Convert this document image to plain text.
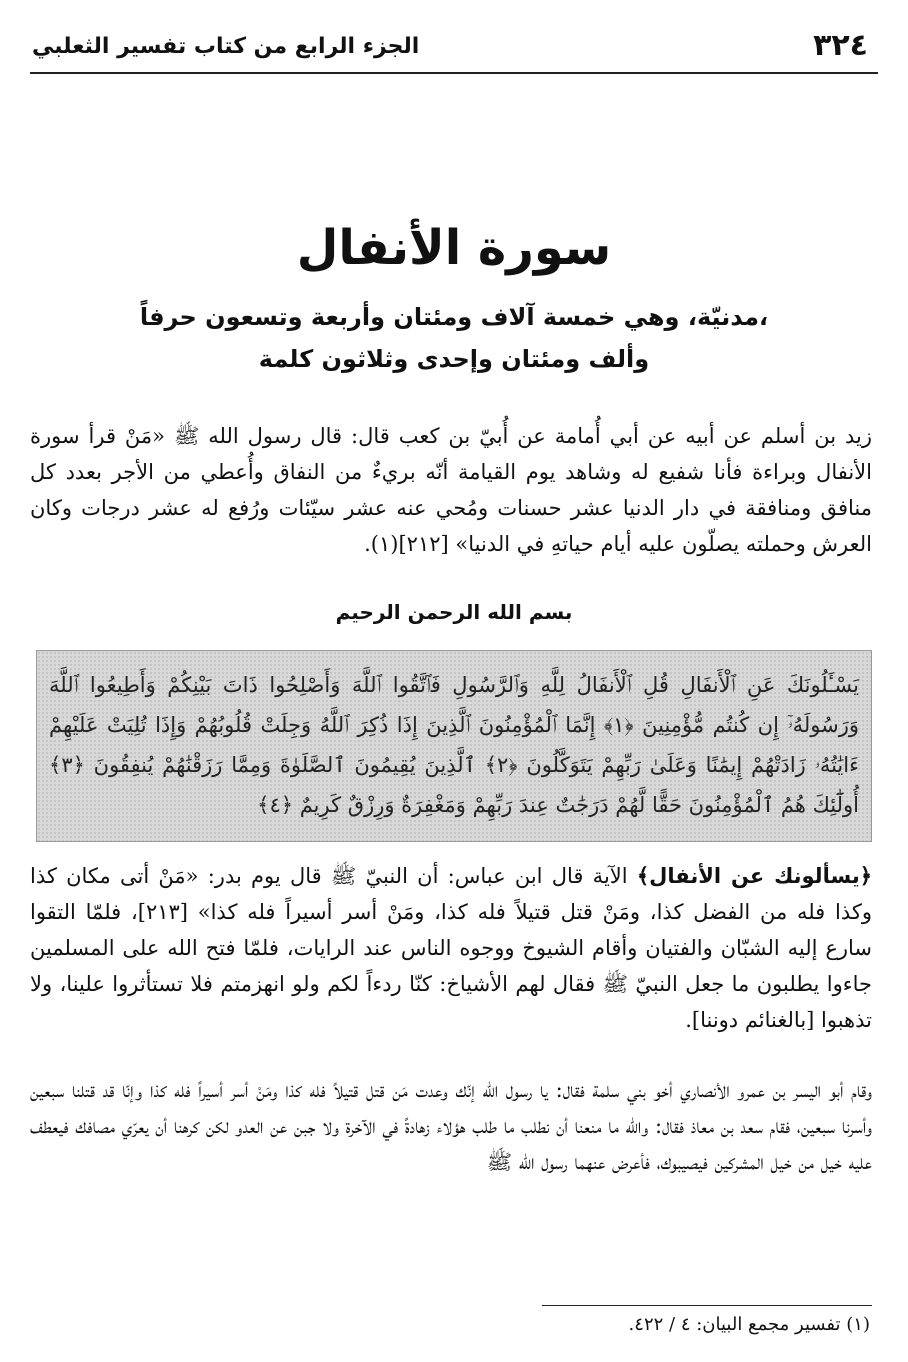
٣٢٤
الجزء الرابع من كتاب تفسير الثعلبي
سورة الأنفال
مدنيّة، وهي خمسة آلاف ومئتان وأربعة وتسعون حرفاً،
وألف ومئتان وإحدى وثلاثون كلمة
زيد بن أسلم عن أبيه عن أبي أُمامة عن أُبيّ بن كعب قال: قال رسول الله ﷺ «مَنْ قرأ سورة الأنفال وبراءة فأنا شفيع له وشاهد يوم القيامة أنّه بريءٌ من النفاق وأُعطي من الأجر بعدد كل منافق ومنافقة في دار الدنيا عشر حسنات ومُحي عنه عشر سيّئات ورُفع له عشر درجات وكان العرش وحملته يصلّون عليه أيام حياتهِ في الدنيا» [٢١٢](١).
بسم الله الرحمن الرحيم
يَسْـَٔلُونَكَ عَنِ ٱلْأَنفَالِ قُلِ ٱلْأَنفَالُ لِلَّهِ وَٱلرَّسُولِ فَٱتَّقُوا ٱللَّهَ وَأَصْلِحُوا ذَاتَ بَيْنِكُمْ وَأَطِيعُوا ٱللَّهَ وَرَسُولَهُۥٓ إِن كُنتُم مُّؤْمِنِينَ ﴿١﴾ إِنَّمَا ٱلْمُؤْمِنُونَ ٱلَّذِينَ إِذَا ذُكِرَ ٱللَّهُ وَجِلَتْ قُلُوبُهُمْ وَإِذَا تُلِيَتْ عَلَيْهِمْ ءَايَٰتُهُۥ زَادَتْهُمْ إِيمَٰنًا وَعَلَىٰ رَبِّهِمْ يَتَوَكَّلُونَ ﴿٢﴾ ٱلَّذِينَ يُقِيمُونَ ٱلصَّلَوٰةَ وَمِمَّا رَزَقْنَٰهُمْ يُنفِقُونَ ﴿٣﴾ أُولَٰٓئِكَ هُمُ ٱلْمُؤْمِنُونَ حَقًّا لَّهُمْ دَرَجَٰتٌ عِندَ رَبِّهِمْ وَمَغْفِرَةٌ وَرِزْقٌ كَرِيمٌ ﴿٤﴾
﴿يسألونك عن الأنفال﴾ الآية قال ابن عباس: أن النبيّ ﷺ قال يوم بدر: «مَنْ أتى مكان كذا وكذا فله من الفضل كذا، ومَنْ قتل قتيلاً فله كذا، ومَنْ أسر أسيراً فله كذا» [٢١٣]، فلمّا التقوا سارع إليه الشبّان والفتيان وأقام الشيوخ ووجوه الناس عند الرايات، فلمّا فتح الله على المسلمين جاءوا يطلبون ما جعل النبيّ ﷺ فقال لهم الأشياخ: كنّا ردءاً لكم ولو انهزمتم فلا تستأثروا علينا، ولا تذهبوا [بالغنائم دوننا].
وقام أبو اليسر بن عمرو الأنصاري أخو بني سلمة فقال: يا رسول الله إنّك وعدت مَن قتل قتيلاً فله كذا ومَنْ أسر أسيراً فله كذا وإنّا قد قتلنا سبعين وأسرنا سبعين، فقام سعد بن معاذ فقال: والله ما منعنا أن نطلب ما طلب هؤلاء زهادةً في الآخرة ولا جبن عن العدو لكن كرهنا أن يعرّي مصافك فيعطف عليه خيل من خيل المشركين فيصيبوك، فأعرض عنهما رسول الله ﷺ
(١) تفسير مجمع البيان: ٤ / ٤٢٢.
